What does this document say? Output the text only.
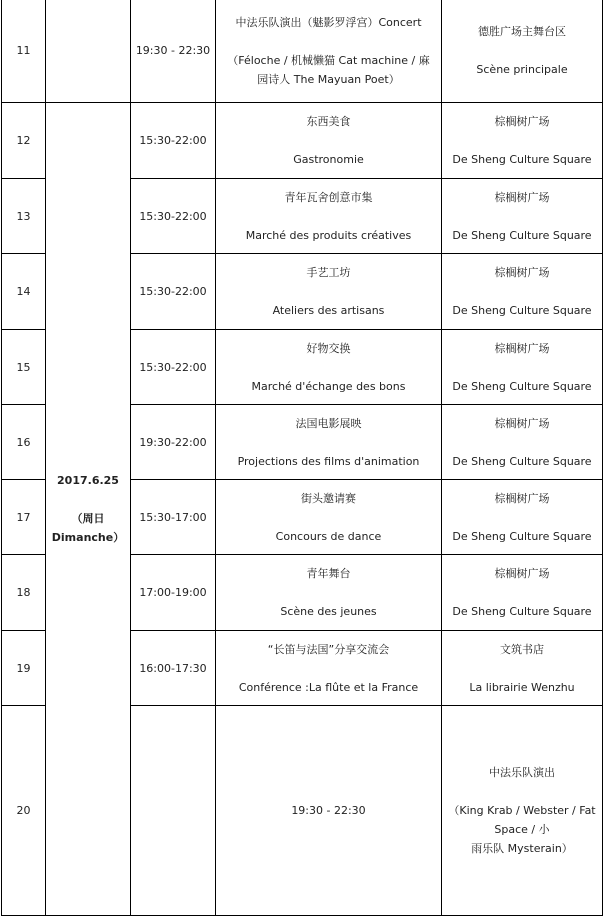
11		19:30 - 22:30	中法乐队演出（魅影罗浮宫）Concert
（Féloche / 机械懒猫 Cat machine / 麻
园诗人 The Mayuan Poet）	德胜广场主舞台区
Scène principale	

12	2017.6.25
（周日
Dimanche）	15:30-22:00	东西美食
Gastronomie	棕榈树广场
De Sheng Culture Square	

13		15:30-22:00	青年瓦舍创意市集
Marché des produits créatives	棕榈树广场
De Sheng Culture Square	

14		15:30-22:00	手艺工坊
Ateliers des artisans	棕榈树广场
De Sheng Culture Square	

15		15:30-22:00	好物交换
Marché d'échange des bons	棕榈树广场
De Sheng Culture Square	

16		19:30-22:00	法国电影展映
Projections des films d'animation	棕榈树广场
De Sheng Culture Square	

17		15:30-17:00	街头邀请赛
Concours de dance	棕榈树广场
De Sheng Culture Square	

18		17:00-19:00	青年舞台
Scène des jeunes	棕榈树广场
De Sheng Culture Square	

19		16:00-17:30	“长笛与法国”分享交流会
Conférence :La flûte et la France	文筑书店
La librairie Wenzhu	

20			19:30 - 22:30	中法乐队演出
（King Krab / Webster / Fat Space / 小
雨乐队 Mysterain）
